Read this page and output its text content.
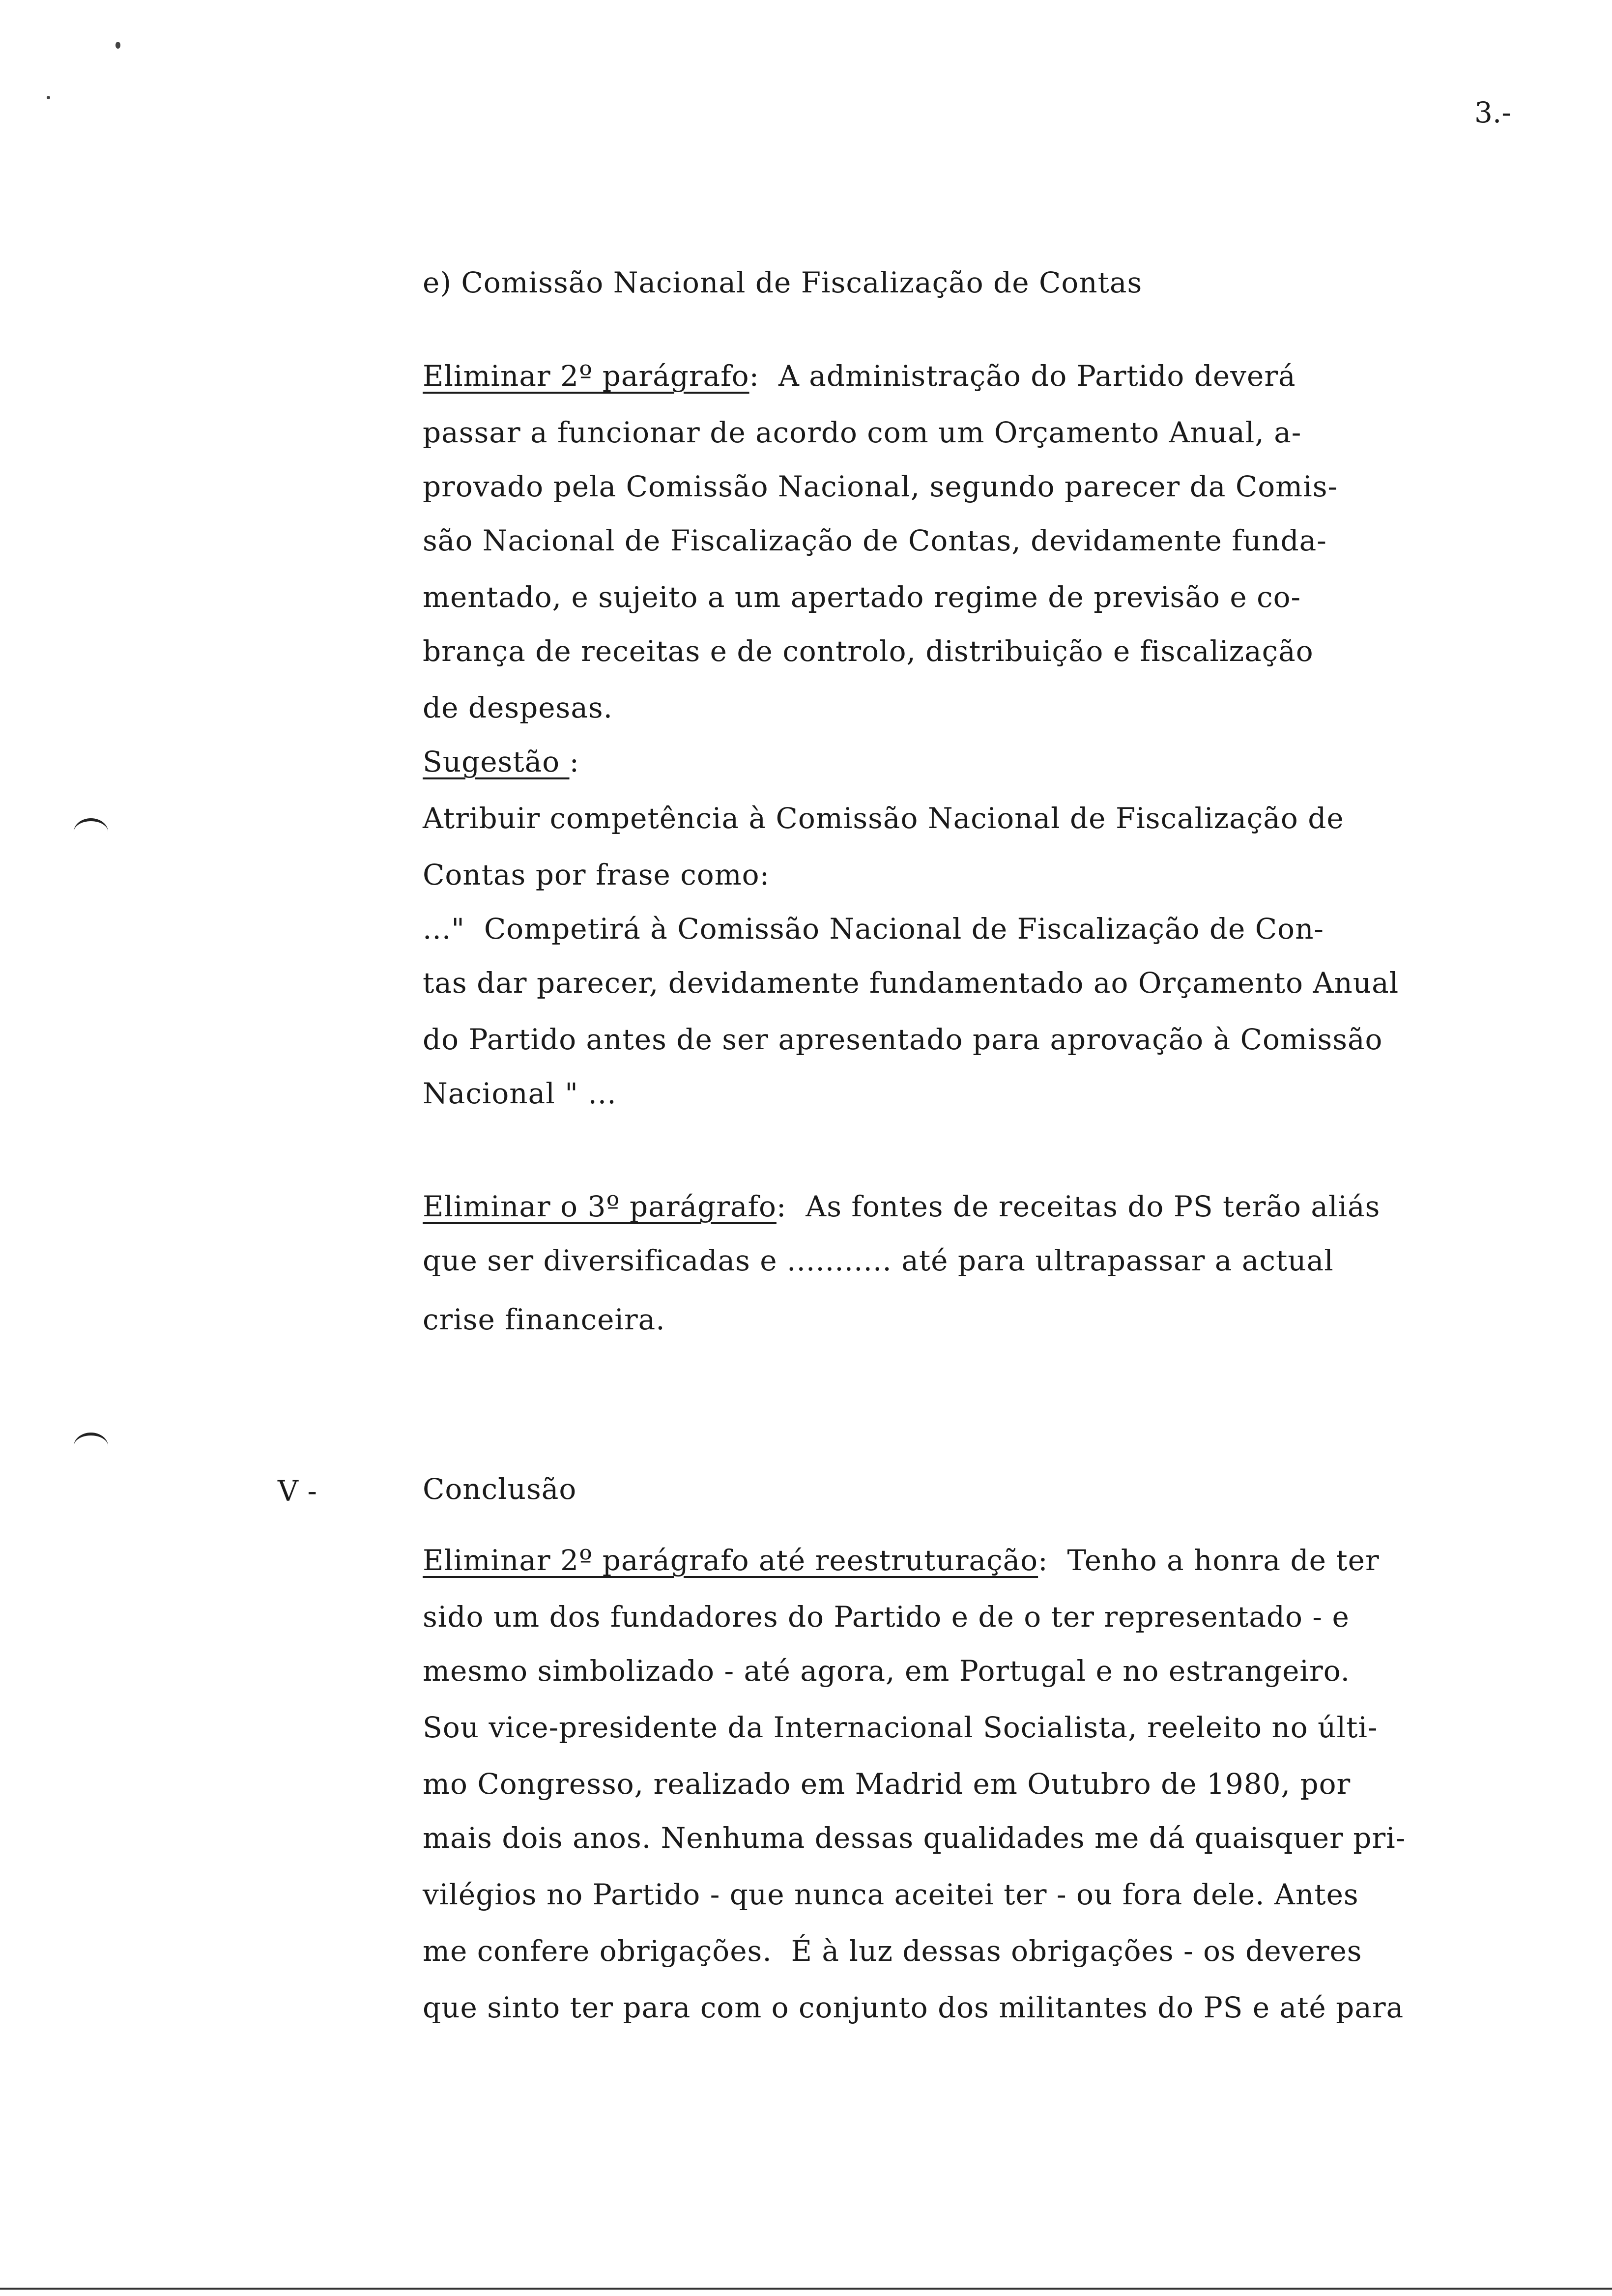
3.-
V -
e) Comissão Nacional de Fiscalização de Contas
Eliminar 2º parágrafo:  A administração do Partido deverá
passar a funcionar de acordo com um Orçamento Anual, a-
provado pela Comissão Nacional, segundo parecer da Comis-
são Nacional de Fiscalização de Contas, devidamente funda-
mentado, e sujeito a um apertado regime de previsão e co-
brança de receitas e de controlo, distribuição e fiscalização
de despesas.
Sugestão :
Atribuir competência à Comissão Nacional de Fiscalização de
Contas por frase como:
..."  Competirá à Comissão Nacional de Fiscalização de Con-
tas dar parecer, devidamente fundamentado ao Orçamento Anual
do Partido antes de ser apresentado para aprovação à Comissão
Nacional " ...
Eliminar o 3º parágrafo:  As fontes de receitas do PS terão aliás
que ser diversificadas e ........... até para ultrapassar a actual
crise financeira.
Conclusão
Eliminar 2º parágrafo até reestruturação:  Tenho a honra de ter
sido um dos fundadores do Partido e de o ter representado - e
mesmo simbolizado - até agora, em Portugal e no estrangeiro.
Sou vice-presidente da Internacional Socialista, reeleito no últi-
mo Congresso, realizado em Madrid em Outubro de 1980, por
mais dois anos. Nenhuma dessas qualidades me dá quaisquer pri-
vilégios no Partido - que nunca aceitei ter - ou fora dele. Antes
me confere obrigações.  É à luz dessas obrigações - os deveres
que sinto ter para com o conjunto dos militantes do PS e até para
